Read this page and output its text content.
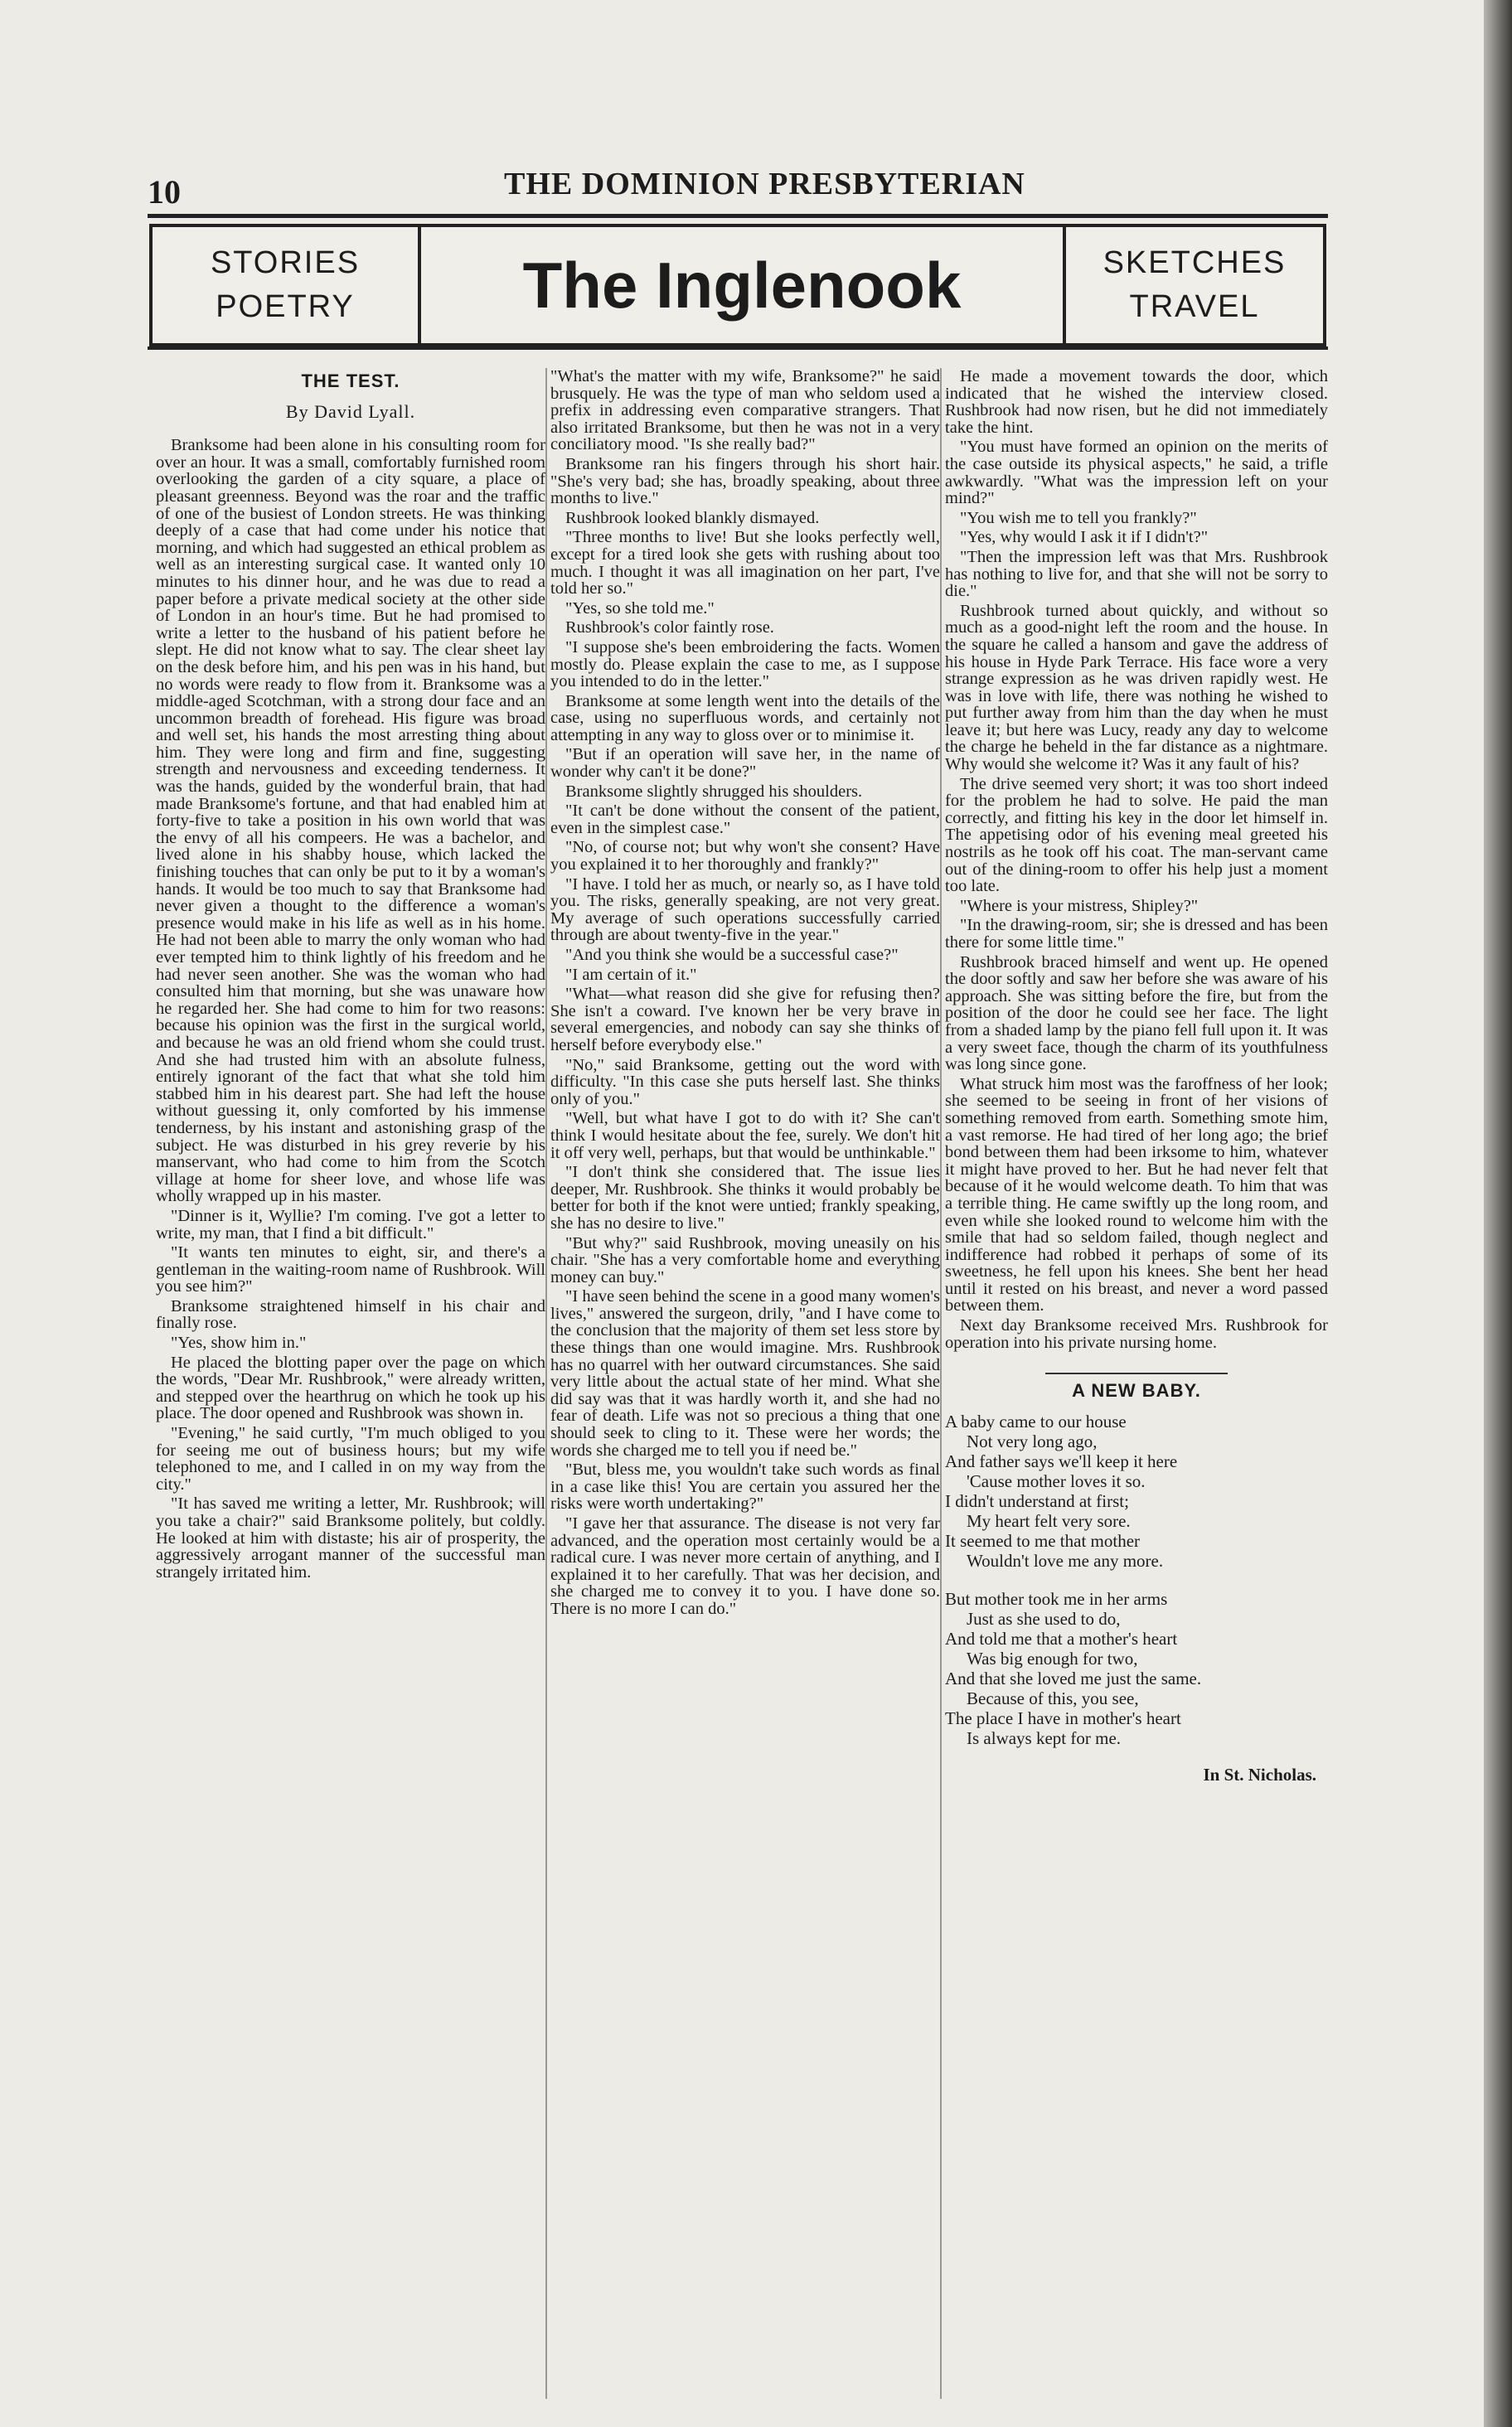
10	THE DOMINION PRESBYTERIAN
STORIES
POETRY	The Inglenook	SKETCHES
TRAVEL
THE TEST.
By David Lyall.

Branksome had been alone in his consulting room for over an hour. It was a small, comfortably furnished room overlooking the garden of a city square, a place of pleasant greenness. Beyond was the roar and the traffic of one of the busiest of London streets. He was thinking deeply of a case that had come under his notice that morning, and which had suggested an ethical problem as well as an interesting surgical case. It wanted only 10 minutes to his dinner hour, and he was due to read a paper before a private medical society at the other side of London in an hour's time. But he had promised to write a letter to the husband of his patient before he slept. He did not know what to say. The clear sheet lay on the desk before him, and his pen was in his hand, but no words were ready to flow from it. Branksome was a middle-aged Scotchman, with a strong dour face and an uncommon breadth of forehead. His figure was broad and well set, his hands the most arresting thing about him. They were long and firm and fine, suggesting strength and nervousness and exceeding tenderness. It was the hands, guided by the wonderful brain, that had made Branksome's fortune, and that had enabled him at forty-five to take a position in his own world that was the envy of all his compeers. He was a bachelor, and lived alone in his shabby house, which lacked the finishing touches that can only be put to it by a woman's hands. It would be too much to say that Branksome had never given a thought to the difference a woman's presence would make in his life as well as in his home. He had not been able to marry the only woman who had ever tempted him to think lightly of his freedom and he had never seen another. She was the woman who had consulted him that morning, but she was unaware how he regarded her. She had come to him for two reasons: because his opinion was the first in the surgical world, and because he was an old friend whom she could trust. And she had trusted him with an absolute fulness, entirely ignorant of the fact that what she told him stabbed him in his dearest part. She had left the house without guessing it, only comforted by his immense tenderness, by his instant and astonishing grasp of the subject. He was disturbed in his grey reverie by his manservant, who had come to him from the Scotch village at home for sheer love, and whose life was wholly wrapped up in his master.

"Dinner is it, Wyllie? I'm coming. I've got a letter to write, my man, that I find a bit difficult."

"It wants ten minutes to eight, sir, and there's a gentleman in the waiting-room name of Rushbrook. Will you see him?"

Branksome straightened himself in his chair and finally rose.

"Yes, show him in."

He placed the blotting paper over the page on which the words, "Dear Mr. Rushbrook," were already written, and stepped over the hearthrug on which he took up his place. The door opened and Rushbrook was shown in.

"Evening," he said curtly, "I'm much obliged to you for seeing me out of business hours; but my wife telephoned to me, and I called in on my way from the city."

"It has saved me writing a letter, Mr. Rushbrook; will you take a chair?" said Branksome politely, but coldly. He looked at him with distaste; his air of prosperity, the aggressively arrogant manner of the successful man strangely irritated him.

"What's the matter with my wife, Branksome?" he said brusquely. He was the type of man who seldom used a prefix in addressing even comparative strangers. That also irritated Branksome, but then he was not in a very conciliatory mood. "Is she really bad?"

Branksome ran his fingers through his short hair. "She's very bad; she has, broadly speaking, about three months to live."

Rushbrook looked blankly dismayed.

"Three months to live! But she looks perfectly well, except for a tired look she gets with rushing about too much. I thought it was all imagination on her part, I've told her so."

"Yes, so she told me."

Rushbrook's color faintly rose.

"I suppose she's been embroidering the facts. Women mostly do. Please explain the case to me, as I suppose you intended to do in the letter."

Branksome at some length went into the details of the case, using no superfluous words, and certainly not attempting in any way to gloss over or to minimise it.

"But if an operation will save her, in the name of wonder why can't it be done?"

Branksome slightly shrugged his shoulders.

"It can't be done without the consent of the patient, even in the simplest case."

"No, of course not; but why won't she consent? Have you explained it to her thoroughly and frankly?"

"I have. I told her as much, or nearly so, as I have told you. The risks, generally speaking, are not very great. My average of such operations successfully carried through are about twenty-five in the year."

"And you think she would be a successful case?"

"I am certain of it."

"What—what reason did she give for refusing then? She isn't a coward. I've known her be very brave in several emergencies, and nobody can say she thinks of herself before everybody else."

"No," said Branksome, getting out the word with difficulty. "In this case she puts herself last. She thinks only of you."

"Well, but what have I got to do with it? She can't think I would hesitate about the fee, surely. We don't hit it off very well, perhaps, but that would be unthinkable."

"I don't think she considered that. The issue lies deeper, Mr. Rushbrook. She thinks it would probably be better for both if the knot were untied; frankly speaking, she has no desire to live."

"But why?" said Rushbrook, moving uneasily on his chair. "She has a very comfortable home and everything money can buy."

"I have seen behind the scene in a good many women's lives," answered the surgeon, drily, "and I have come to the conclusion that the majority of them set less store by these things than one would imagine. Mrs. Rushbrook has no quarrel with her outward circumstances. She said very little about the actual state of her mind. What she did say was that it was hardly worth it, and she had no fear of death. Life was not so precious a thing that one should seek to cling to it. These were her words; the words she charged me to tell you if need be."

"But, bless me, you wouldn't take such words as final in a case like this! You are certain you assured her the risks were worth undertaking?"

"I gave her that assurance. The disease is not very far advanced, and the operation most certainly would be a radical cure. I was never more certain of anything, and I explained it to her carefully. That was her decision, and she charged me to convey it to you. I have done so. There is no more I can do."

He made a movement towards the door, which indicated that he wished the interview closed. Rushbrook had now risen, but he did not immediately take the hint.

"You must have formed an opinion on the merits of the case outside its physical aspects," he said, a trifle awkwardly. "What was the impression left on your mind?"

"You wish me to tell you frankly?"

"Yes, why would I ask it if I didn't?"

"Then the impression left was that Mrs. Rushbrook has nothing to live for, and that she will not be sorry to die."

Rushbrook turned about quickly, and without so much as a good-night left the room and the house. In the square he called a hansom and gave the address of his house in Hyde Park Terrace. His face wore a very strange expression as he was driven rapidly west. He was in love with life, there was nothing he wished to put further away from him than the day when he must leave it; but here was Lucy, ready any day to welcome the charge he beheld in the far distance as a nightmare. Why would she welcome it? Was it any fault of his?

The drive seemed very short; it was too short indeed for the problem he had to solve. He paid the man correctly, and fitting his key in the door let himself in. The appetising odor of his evening meal greeted his nostrils as he took off his coat. The man-servant came out of the dining-room to offer his help just a moment too late.

"Where is your mistress, Shipley?"

"In the drawing-room, sir; she is dressed and has been there for some little time."

Rushbrook braced himself and went up. He opened the door softly and saw her before she was aware of his approach. She was sitting before the fire, but from the position of the door he could see her face. The light from a shaded lamp by the piano fell full upon it. It was a very sweet face, though the charm of its youthfulness was long since gone.

What struck him most was the faroffness of her look; she seemed to be seeing in front of her visions of something removed from earth. Something smote him, a vast remorse. He had tired of her long ago; the brief bond between them had been irksome to him, whatever it might have proved to her. But he had never felt that because of it he would welcome death. To him that was a terrible thing. He came swiftly up the long room, and even while she looked round to welcome him with the smile that had so seldom failed, though neglect and indifference had robbed it perhaps of some of its sweetness, he fell upon his knees. She bent her head until it rested on his breast, and never a word passed between them.

Next day Branksome received Mrs. Rushbrook for operation into his private nursing home.

A NEW BABY.
A baby came to our house
Not very long ago,
And father says we'll keep it here
'Cause mother loves it so.
I didn't understand at first;
My heart felt very sore.
It seemed to me that mother
Wouldn't love me any more.
But mother took me in her arms
Just as she used to do,
And told me that a mother's heart
Was big enough for two,
And that she loved me just the same.
Because of this, you see,
The place I have in mother's heart
Is always kept for me.
In St. Nicholas.
